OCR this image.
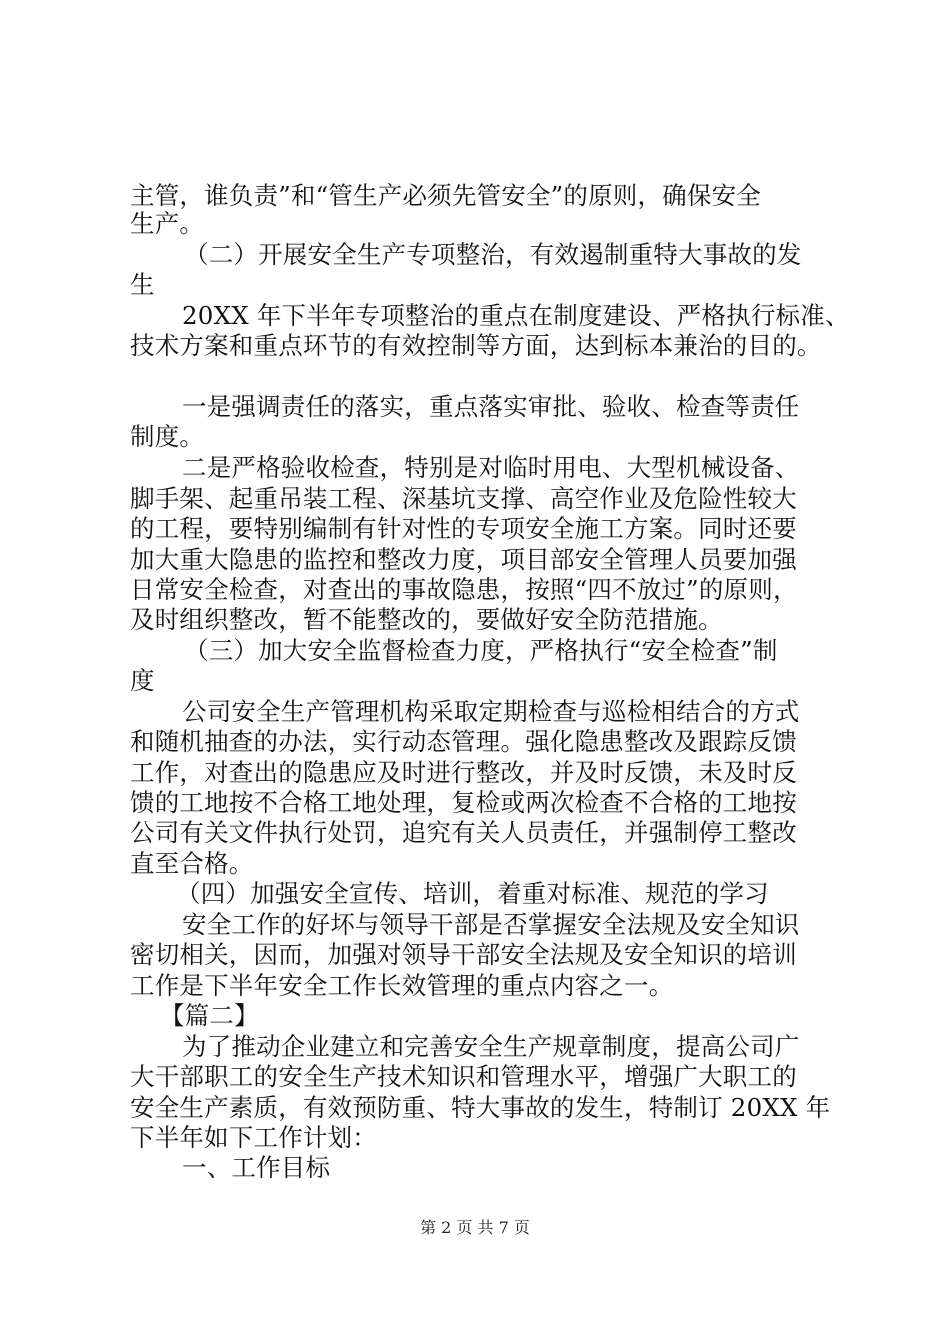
主管，谁负责”和“管生产必须先管安全”的原则，确保安全
生产。
（二）开展安全生产专项整治，有效遏制重特大事故的发
生
20XX 年下半年专项整治的重点在制度建设、严格执行标准、
技术方案和重点环节的有效控制等方面，达到标本兼治的目的。
一是强调责任的落实，重点落实审批、验收、检查等责任
制度。
二是严格验收检查，特别是对临时用电、大型机械设备、
脚手架、起重吊装工程、深基坑支撑、高空作业及危险性较大
的工程，要特别编制有针对性的专项安全施工方案。同时还要
加大重大隐患的监控和整改力度，项目部安全管理人员要加强
日常安全检查，对查出的事故隐患，按照“四不放过”的原则，
及时组织整改，暂不能整改的，要做好安全防范措施。
（三）加大安全监督检查力度，严格执行“安全检查”制
度
公司安全生产管理机构采取定期检查与巡检相结合的方式
和随机抽查的办法，实行动态管理。强化隐患整改及跟踪反馈
工作，对查出的隐患应及时进行整改，并及时反馈，未及时反
馈的工地按不合格工地处理，复检或两次检查不合格的工地按
公司有关文件执行处罚，追究有关人员责任，并强制停工整改
直至合格。
（四）加强安全宣传、培训，着重对标准、规范的学习
安全工作的好坏与领导干部是否掌握安全法规及安全知识
密切相关，因而，加强对领导干部安全法规及安全知识的培训
工作是下半年安全工作长效管理的重点内容之一。
【篇二】
为了推动企业建立和完善安全生产规章制度，提高公司广
大干部职工的安全生产技术知识和管理水平，增强广大职工的
安全生产素质，有效预防重、特大事故的发生，特制订 20XX 年
下半年如下工作计划：
一、工作目标
第 2 页 共 7 页
